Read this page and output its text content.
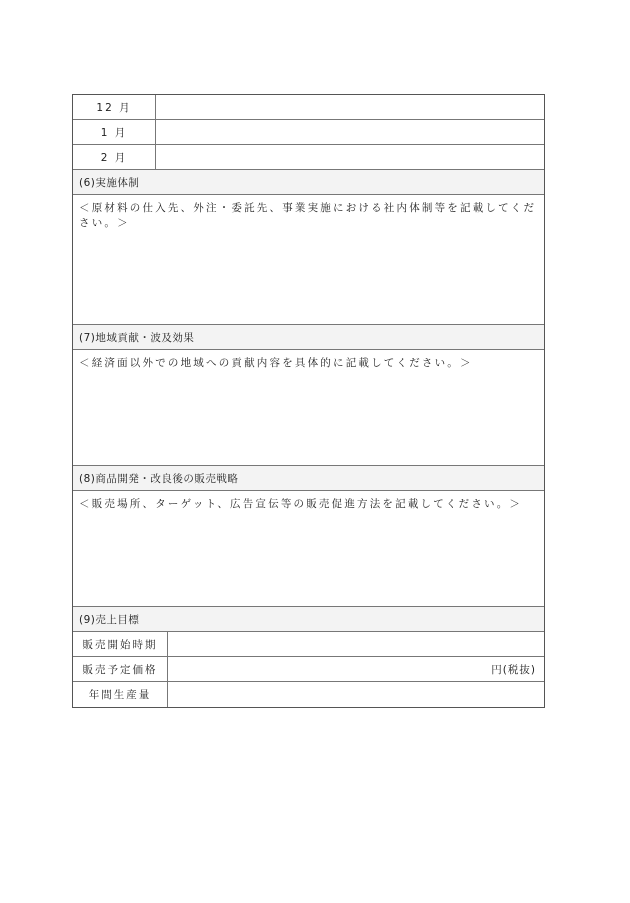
12 月
1 月
2 月
(6)実施体制
＜原材料の仕入先、外注・委託先、事業実施における社内体制等を記載してください。＞
(7)地域貢献・波及効果
＜経済面以外での地域への貢献内容を具体的に記載してください。＞
(8)商品開発・改良後の販売戦略
＜販売場所、ターゲット、広告宣伝等の販売促進方法を記載してください。＞
(9)売上目標
販売開始時期
販売予定価格	円(税抜)
年間生産量
